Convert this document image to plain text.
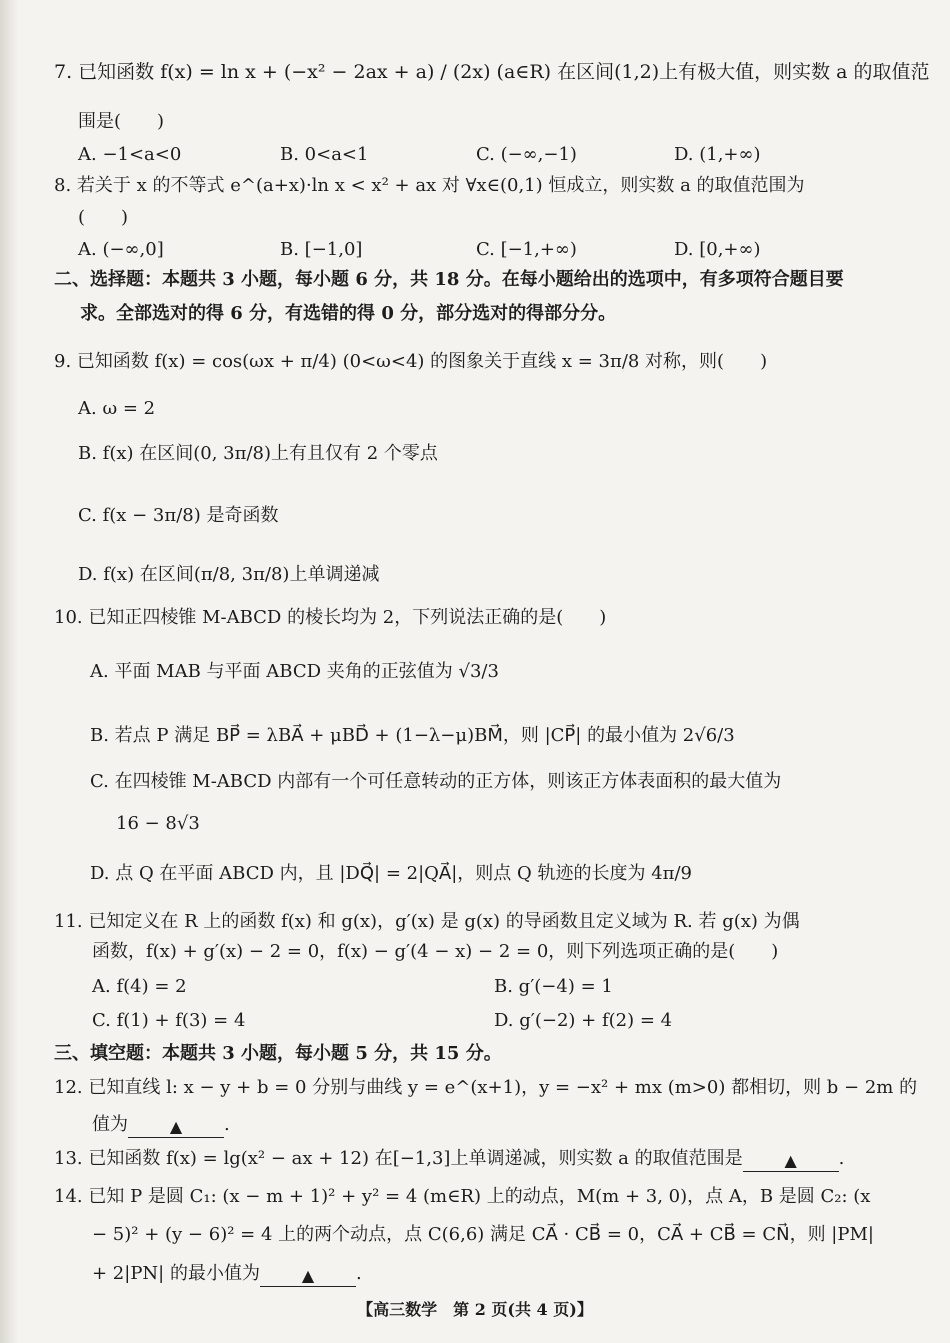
7. 已知函数 f(x) = ln x + (−x² − 2ax + a) / (2x) (a∈R) 在区间(1,2)上有极大值，则实数 a 的取值范
围是(　　)
A. −1<a<0	B. 0<a<1	C. (−∞,−1)	D. (1,+∞)
8. 若关于 x 的不等式 e^(a+x)·ln x < x² + ax 对 ∀x∈(0,1) 恒成立，则实数 a 的取值范围为
(　　)
A. (−∞,0]	B. [−1,0]	C. [−1,+∞)	D. [0,+∞)
二、选择题：本题共 3 小题，每小题 6 分，共 18 分。在每小题给出的选项中，有多项符合题目要
求。全部选对的得 6 分，有选错的得 0 分，部分选对的得部分分。
9. 已知函数 f(x) = cos(ωx + π/4) (0<ω<4) 的图象关于直线 x = 3π/8 对称，则(　　)
A. ω = 2
B. f(x) 在区间(0, 3π/8)上有且仅有 2 个零点
C. f(x − 3π/8) 是奇函数
D. f(x) 在区间(π/8, 3π/8)上单调递减
10. 已知正四棱锥 M-ABCD 的棱长均为 2，下列说法正确的是(　　)
A. 平面 MAB 与平面 ABCD 夹角的正弦值为 √3/3
B. 若点 P 满足 BP⃗ = λBA⃗ + μBD⃗ + (1−λ−μ)BM⃗，则 |CP⃗| 的最小值为 2√6/3
C. 在四棱锥 M-ABCD 内部有一个可任意转动的正方体，则该正方体表面积的最大值为
16 − 8√3
D. 点 Q 在平面 ABCD 内，且 |DQ⃗| = 2|QA⃗|，则点 Q 轨迹的长度为 4π/9
11. 已知定义在 R 上的函数 f(x) 和 g(x)，g′(x) 是 g(x) 的导函数且定义域为 R. 若 g(x) 为偶
函数，f(x) + g′(x) − 2 = 0，f(x) − g′(4 − x) − 2 = 0，则下列选项正确的是(　　)
A. f(4) = 2	B. g′(−4) = 1
C. f(1) + f(3) = 4	D. g′(−2) + f(2) = 4
三、填空题：本题共 3 小题，每小题 5 分，共 15 分。
12. 已知直线 l: x − y + b = 0 分别与曲线 y = e^(x+1)，y = −x² + mx (m>0) 都相切，则 b − 2m 的
值为	▲ .
13. 已知函数 f(x) = lg(x² − ax + 12) 在[−1,3]上单调递减，则实数 a 的取值范围是	▲ .
14. 已知 P 是圆 C₁: (x − m + 1)² + y² = 4 (m∈R) 上的动点，M(m + 3, 0)，点 A，B 是圆 C₂: (x
− 5)² + (y − 6)² = 4 上的两个动点，点 C(6,6) 满足 CA⃗ · CB⃗ = 0，CA⃗ + CB⃗ = CN⃗，则 |PM|
+ 2|PN| 的最小值为	▲ .
【高三数学　第 2 页(共 4 页)】
